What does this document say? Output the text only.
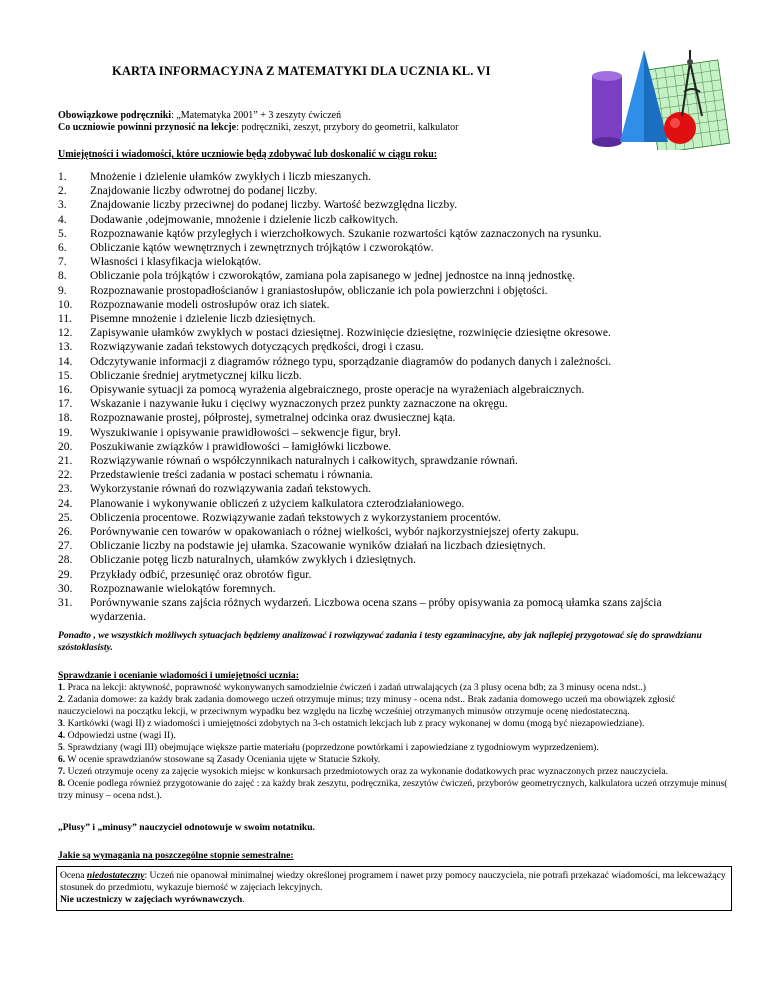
KARTA INFORMACYJNA Z MATEMATYKI DLA UCZNIA KL. VI
Obowiązkowe podręczniki: „Matematyka 2001” + 3 zeszyty ćwiczeń
Co uczniowie powinni przynosić na lekcje: podręczniki, zeszyt, przybory do geometrii, kalkulator
Umiejętności i wiadomości, które uczniowie będą zdobywać lub doskonalić w ciągu roku:
1.	Mnożenie i dzielenie ułamków zwykłych i liczb mieszanych.
2.	Znajdowanie liczby odwrotnej do podanej liczby.
3.	Znajdowanie liczby przeciwnej do podanej liczby. Wartość bezwzględna liczby.
4.	Dodawanie ,odejmowanie, mnożenie i dzielenie liczb całkowitych.
5.	Rozpoznawanie kątów przyległych i wierzchołkowych. Szukanie rozwartości kątów zaznaczonych na rysunku.
6.	Obliczanie kątów wewnętrznych i zewnętrznych trójkątów i czworokątów.
7.	Własności i klasyfikacja wielokątów.
8.	Obliczanie pola trójkątów i czworokątów, zamiana pola zapisanego w jednej jednostce na inną jednostkę.
9.	Rozpoznawanie prostopadłościanów i graniastosłupów, obliczanie ich pola powierzchni i objętości.
10.	Rozpoznawanie modeli ostrosłupów oraz ich siatek.
11.	Pisemne mnożenie i dzielenie liczb dziesiętnych.
12.	Zapisywanie ułamków zwykłych w postaci dziesiętnej. Rozwinięcie dziesiętne, rozwinięcie dziesiętne okresowe.
13.	Rozwiązywanie zadań tekstowych dotyczących prędkości, drogi i czasu.
14.	Odczytywanie informacji z diagramów różnego typu, sporządzanie diagramów do podanych danych i zależności.
15.	Obliczanie średniej arytmetycznej kilku liczb.
16.	Opisywanie sytuacji za pomocą wyrażenia algebraicznego, proste operacje na wyrażeniach algebraicznych.
17.	Wskazanie i nazywanie łuku i cięciwy wyznaczonych przez punkty zaznaczone na okręgu.
18.	Rozpoznawanie prostej, półprostej, symetralnej odcinka oraz dwusiecznej kąta.
19.	Wyszukiwanie i opisywanie prawidłowości – sekwencje figur, brył.
20.	Poszukiwanie związków i prawidłowości – łamigłówki liczbowe.
21.	Rozwiązywanie równań o współczynnikach naturalnych i całkowitych, sprawdzanie równań.
22.	Przedstawienie treści zadania w postaci schematu i równania.
23.	Wykorzystanie równań do rozwiązywania zadań tekstowych.
24.	Planowanie i wykonywanie obliczeń z użyciem kalkulatora czterodziałaniowego.
25.	Obliczenia procentowe. Rozwiązywanie zadań tekstowych z wykorzystaniem procentów.
26.	Porównywanie cen towarów w opakowaniach o różnej wielkości, wybór najkorzystniejszej oferty zakupu.
27.	Obliczanie liczby na podstawie jej ułamka. Szacowanie wyników działań na liczbach dziesiętnych.
28.	Obliczanie potęg liczb naturalnych, ułamków zwykłych i dziesiętnych.
29.	Przykłady odbić, przesunięć oraz obrotów figur.
30.	Rozpoznawanie wielokątów foremnych.
31.	Porównywanie szans zajścia różnych wydarzeń. Liczbowa ocena szans – próby opisywania za pomocą ułamka szans zajścia wydarzenia.
Ponadto , we wszystkich możliwych sytuacjach będziemy analizować i rozwiązywać zadania i testy egzaminacyjne, aby jak najlepiej przygotować się do sprawdzianu szóstoklasisty.
Sprawdzanie i ocenianie wiadomości i umiejętności ucznia:

1. Praca na lekcji: aktywność, poprawność wykonywanych samodzielnie ćwiczeń i zadań utrwalających (za 3 plusy ocena bdb; za 3 minusy ocena ndst..)

2. Zadania domowe: za każdy brak zadania domowego uczeń otrzymuje minus; trzy minusy - ocena ndst.. Brak zadania domowego uczeń ma obowiązek zgłosić nauczycielowi na początku lekcji, w przeciwnym wypadku bez względu na liczbę wcześniej otrzymanych minusów otrzymuje ocenę niedostateczną.

3. Kartkówki (wagi II) z wiadomości i umiejętności zdobytych na 3-ch ostatnich lekcjach lub z pracy wykonanej w domu (mogą być niezapowiedziane).

4. Odpowiedzi ustne (wagi II).

5. Sprawdziany (wagi III) obejmujące większe partie materiału (poprzedzone powtórkami i zapowiedziane z tygodniowym wyprzedzeniem).

6. W ocenie sprawdzianów stosowane są Zasady Oceniania ujęte w Statucie Szkoły.

7. Uczeń otrzymuje oceny za zajęcie wysokich miejsc w konkursach przedmiotowych oraz za wykonanie dodatkowych prac wyznaczonych przez nauczyciela.

8. Ocenie podlega również przygotowanie do zajęć : za każdy brak zeszytu, podręcznika, zeszytów ćwiczeń, przyborów geometrycznych, kalkulatora uczeń otrzymuje minus( trzy minusy – ocena ndst.).

„Plusy” i „minusy” nauczyciel odnotowuje w swoim notatniku.
Jakie są wymagania na poszczególne stopnie semestralne:
Ocena niedostateczny: Uczeń nie opanował minimalnej wiedzy określonej programem i nawet przy pomocy nauczyciela, nie potrafi przekazać wiadomości, ma lekceważący stosunek do przedmiotu, wykazuje bierność w zajęciach lekcyjnych.
Nie uczestniczy w zajęciach wyrównawczych.
